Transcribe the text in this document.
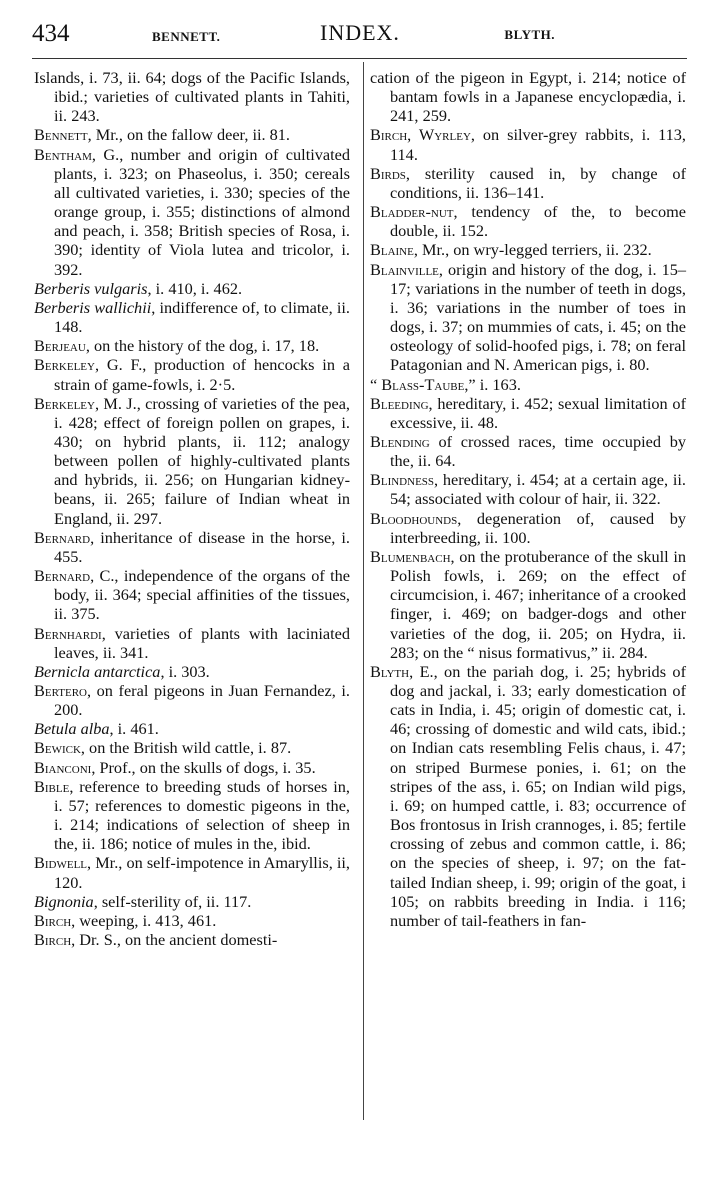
434	BENNETT.	INDEX.	BLYTH.

Islands, i. 73, ii. 64; dogs of the Pacific Islands, ibid.; varieties of cultivated plants in Tahiti, ii. 243.

Bennett, Mr., on the fallow deer, ii. 81.

Bentham, G., number and origin of cultivated plants, i. 323; on Phaseolus, i. 350; cereals all cultivated varieties, i. 330; species of the orange group, i. 355; distinctions of almond and peach, i. 358; British species of Rosa, i. 390; identity of Viola lutea and tricolor, i. 392.

Berberis vulgaris, i. 410, i. 462.

Berberis wallichii, indifference of, to climate, ii. 148.

Berjeau, on the history of the dog, i. 17, 18.

Berkeley, G. F., production of hencocks in a strain of game-fowls, i. 2·5.

Berkeley, M. J., crossing of varieties of the pea, i. 428; effect of foreign pollen on grapes, i. 430; on hybrid plants, ii. 112; analogy between pollen of highly-cultivated plants and hybrids, ii. 256; on Hungarian kidney-beans, ii. 265; failure of Indian wheat in England, ii. 297.

Bernard, inheritance of disease in the horse, i. 455.

Bernard, C., independence of the organs of the body, ii. 364; special affinities of the tissues, ii. 375.

Bernhardi, varieties of plants with laciniated leaves, ii. 341.

Bernicla antarctica, i. 303.

Bertero, on feral pigeons in Juan Fernandez, i. 200.

Betula alba, i. 461.

Bewick, on the British wild cattle, i. 87.

Bianconi, Prof., on the skulls of dogs, i. 35.

Bible, reference to breeding studs of horses in, i. 57; references to domestic pigeons in the, i. 214; indications of selection of sheep in the, ii. 186; notice of mules in the, ibid.

Bidwell, Mr., on self-impotence in Amaryllis, ii, 120.

Bignonia, self-sterility of, ii. 117.

Birch, weeping, i. 413, 461.

Birch, Dr. S., on the ancient domesti-

cation of the pigeon in Egypt, i. 214; notice of bantam fowls in a Japanese encyclopædia, i. 241, 259.

Birch, Wyrley, on silver-grey rabbits, i. 113, 114.

Birds, sterility caused in, by change of conditions, ii. 136–141.

Bladder-nut, tendency of the, to become double, ii. 152.

Blaine, Mr., on wry-legged terriers, ii. 232.

Blainville, origin and history of the dog, i. 15–17; variations in the number of teeth in dogs, i. 36; variations in the number of toes in dogs, i. 37; on mummies of cats, i. 45; on the osteology of solid-hoofed pigs, i. 78; on feral Patagonian and N. American pigs, i. 80.

“ Blass-Taube,” i. 163.

Bleeding, hereditary, i. 452; sexual limitation of excessive, ii. 48.

Blending of crossed races, time occupied by the, ii. 64.

Blindness, hereditary, i. 454; at a certain age, ii. 54; associated with colour of hair, ii. 322.

Bloodhounds, degeneration of, caused by interbreeding, ii. 100.

Blumenbach, on the protuberance of the skull in Polish fowls, i. 269; on the effect of circumcision, i. 467; inheritance of a crooked finger, i. 469; on badger-dogs and other varieties of the dog, ii. 205; on Hydra, ii. 283; on the “ nisus formativus,” ii. 284.

Blyth, E., on the pariah dog, i. 25; hybrids of dog and jackal, i. 33; early domestication of cats in India, i. 45; origin of domestic cat, i. 46; crossing of domestic and wild cats, ibid.; on Indian cats resembling Felis chaus, i. 47; on striped Burmese ponies, i. 61; on the stripes of the ass, i. 65; on Indian wild pigs, i. 69; on humped cattle, i. 83; occurrence of Bos frontosus in Irish crannoges, i. 85; fertile crossing of zebus and common cattle, i. 86; on the species of sheep, i. 97; on the fat-tailed Indian sheep, i. 99; origin of the goat, i 105; on rabbits breeding in India. i 116; number of tail-feathers in fan-
